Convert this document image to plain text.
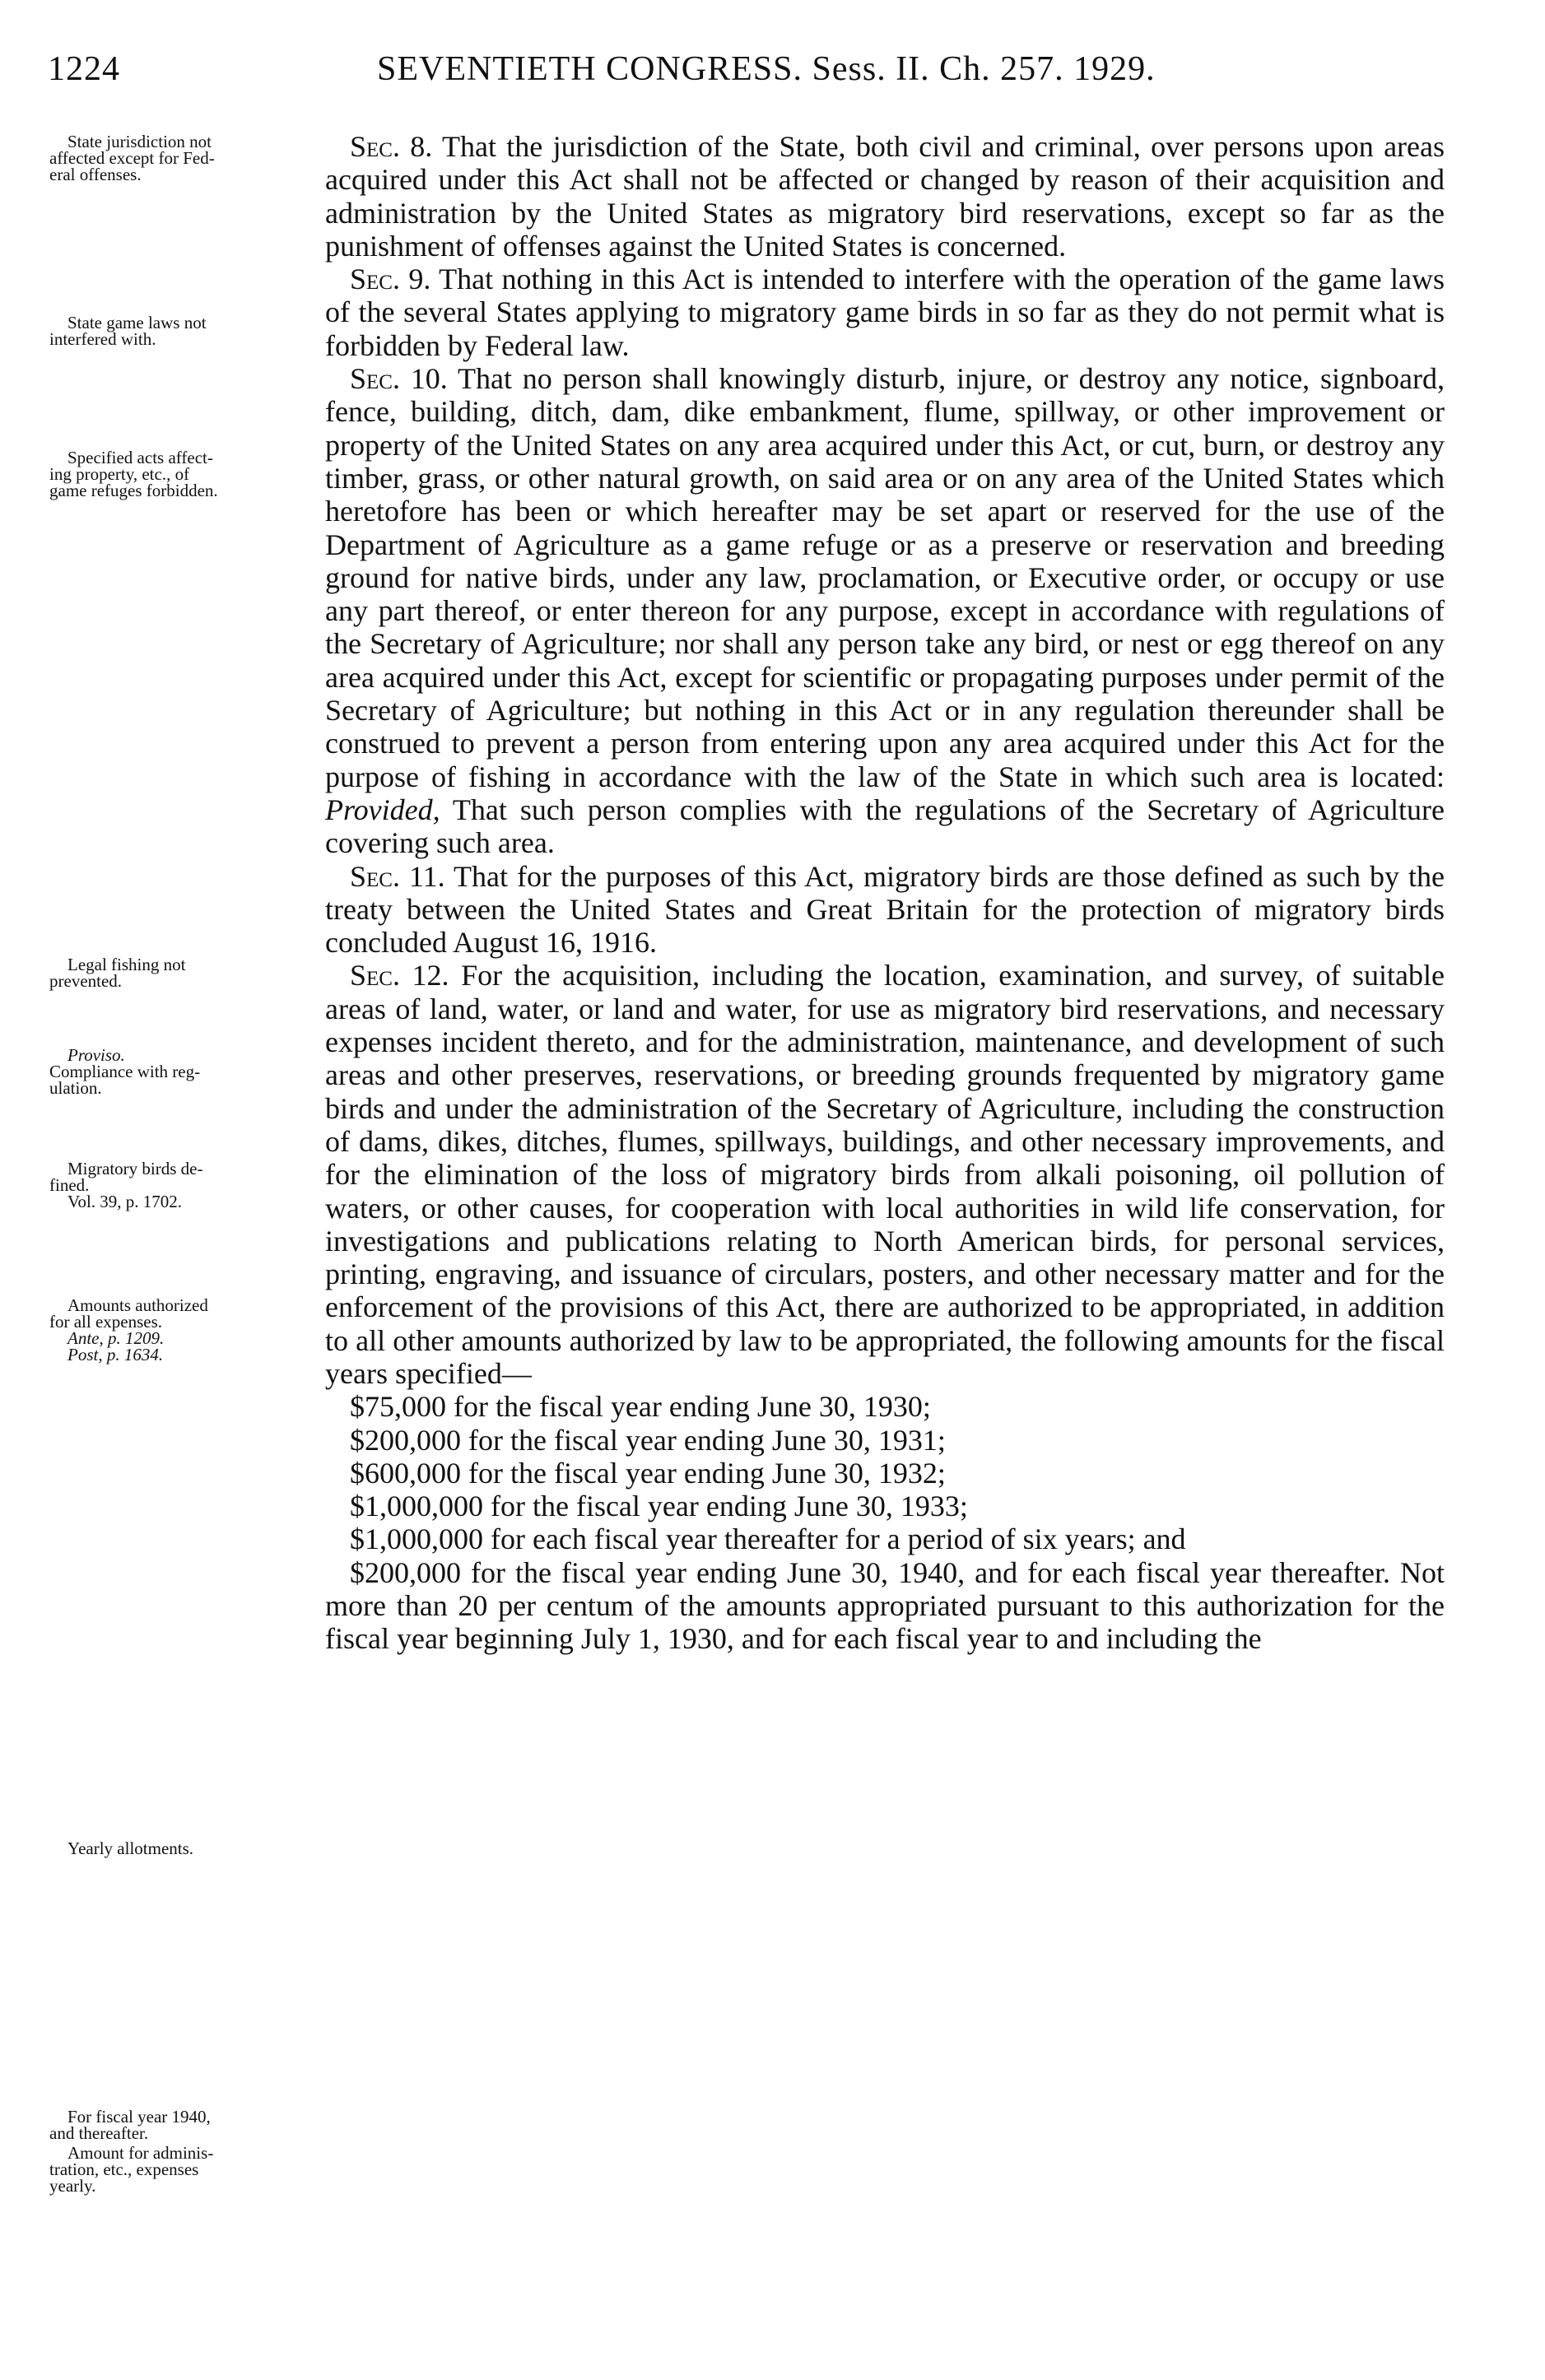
1224	SEVENTIETH CONGRESS. Sess. II. Ch. 257. 1929.
State jurisdiction not
affected except for Fed-
eral offenses.
State game laws not
interfered with.
Specified acts affect-
ing property, etc., of
game refuges forbidden.
Legal fishing not
prevented.
Proviso.
Compliance with reg-
ulation.
Migratory birds de-
fined.
Vol. 39, p. 1702.
Amounts authorized
for all expenses.
Ante, p. 1209.
Post, p. 1634.
Yearly allotments.
For fiscal year 1940,
and thereafter.
Amount for adminis-
tration, etc., expenses
yearly.

Sec. 8. That the jurisdiction of the State, both civil and criminal, over persons upon areas acquired under this Act shall not be affected or changed by reason of their acquisition and administration by the United States as migratory bird reservations, except so far as the punishment of offenses against the United States is concerned.

Sec. 9. That nothing in this Act is intended to interfere with the operation of the game laws of the several States applying to migratory game birds in so far as they do not permit what is forbidden by Federal law.

Sec. 10. That no person shall knowingly disturb, injure, or destroy any notice, signboard, fence, building, ditch, dam, dike embankment, flume, spillway, or other improvement or property of the United States on any area acquired under this Act, or cut, burn, or destroy any timber, grass, or other natural growth, on said area or on any area of the United States which heretofore has been or which hereafter may be set apart or reserved for the use of the Department of Agriculture as a game refuge or as a preserve or reservation and breeding ground for native birds, under any law, proclamation, or Executive order, or occupy or use any part thereof, or enter thereon for any purpose, except in accordance with regulations of the Secretary of Agriculture; nor shall any person take any bird, or nest or egg thereof on any area acquired under this Act, except for scientific or propagating purposes under permit of the Secretary of Agriculture; but nothing in this Act or in any regulation thereunder shall be construed to prevent a person from entering upon any area acquired under this Act for the purpose of fishing in accordance with the law of the State in which such area is located: Provided, That such person complies with the regulations of the Secretary of Agriculture covering such area.

Sec. 11. That for the purposes of this Act, migratory birds are those defined as such by the treaty between the United States and Great Britain for the protection of migratory birds concluded August 16, 1916.

Sec. 12. For the acquisition, including the location, examination, and survey, of suitable areas of land, water, or land and water, for use as migratory bird reservations, and necessary expenses incident thereto, and for the administration, maintenance, and development of such areas and other preserves, reservations, or breeding grounds frequented by migratory game birds and under the administration of the Secretary of Agriculture, including the construction of dams, dikes, ditches, flumes, spillways, buildings, and other necessary improvements, and for the elimination of the loss of migratory birds from alkali poisoning, oil pollution of waters, or other causes, for cooperation with local authorities in wild life conservation, for investigations and publications relating to North American birds, for personal services, printing, engraving, and issuance of circulars, posters, and other necessary matter and for the enforcement of the provisions of this Act, there are authorized to be appropriated, in addition to all other amounts authorized by law to be appropriated, the following amounts for the fiscal years specified—

$75,000 for the fiscal year ending June 30, 1930;

$200,000 for the fiscal year ending June 30, 1931;

$600,000 for the fiscal year ending June 30, 1932;

$1,000,000 for the fiscal year ending June 30, 1933;

$1,000,000 for each fiscal year thereafter for a period of six years; and

$200,000 for the fiscal year ending June 30, 1940, and for each fiscal year thereafter. Not more than 20 per centum of the amounts appropriated pursuant to this authorization for the fiscal year beginning July 1, 1930, and for each fiscal year to and including the
